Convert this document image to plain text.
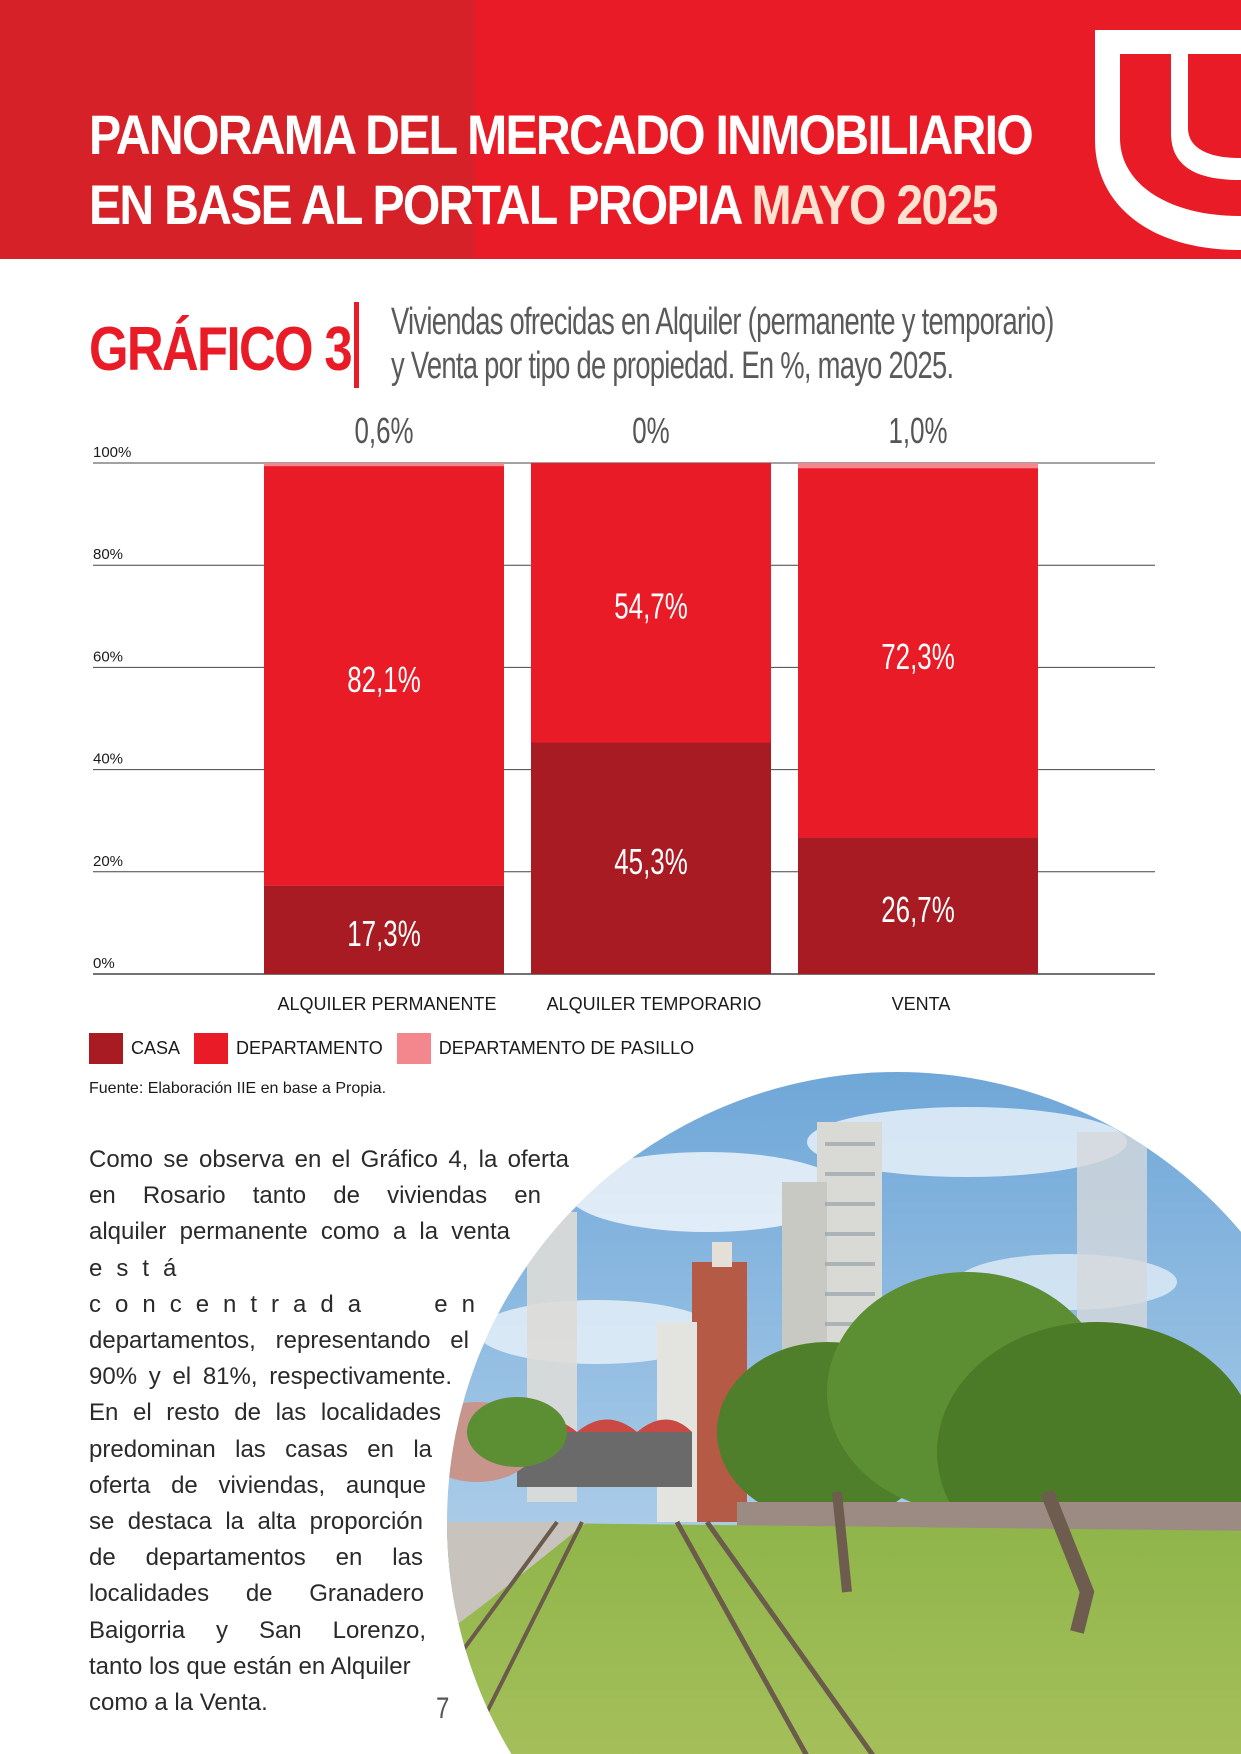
PANORAMA DEL MERCADO INMOBILIARIO
EN BASE AL PORTAL PROPIA MAYO 2025
GRÁFICO 3 Viviendas ofrecidas en Alquiler (permanente y temporario)
y Venta por tipo de propiedad. En %, mayo 2025.
0%
20%
40%
60%
80%
100%
17,3%
82,1%
0,6%
ALQUILER PERMANENTE
45,3%
54,7%
0%
ALQUILER TEMPORARIO
26,7%
72,3%
1,0%
VENTA
CASA	DEPARTAMENTO	DEPARTAMENTO DE PASILLO
Fuente: Elaboración IIE en base a Propia.
Como se observa en el Gráfico 4, la oferta
en Rosario tanto de viviendas en
alquiler permanente como a la venta
está concentrada en
departamentos, representando el
90% y el 81%, respectivamente.
En el resto de las localidades
predominan las casas en la
oferta de viviendas, aunque
se destaca la alta proporción
de departamentos en las
localidades de Granadero
Baigorria y San Lorenzo,
tanto los que están en Alquiler
como a la Venta.	7
